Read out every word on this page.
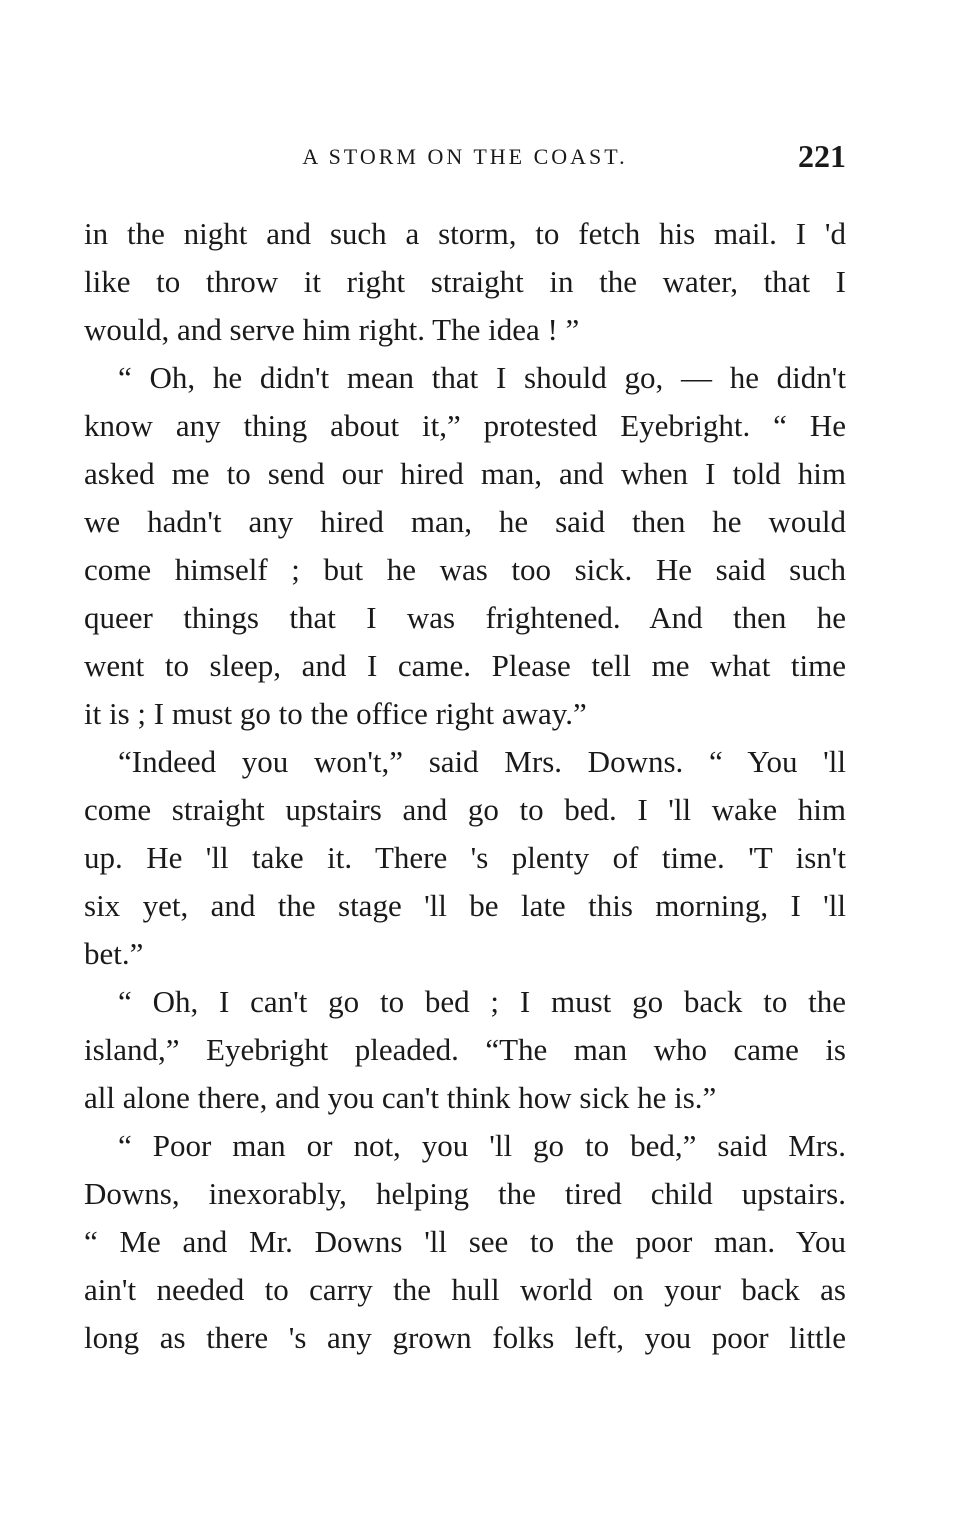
A STORM ON THE COAST.	221
in the night and such a storm, to fetch his mail. I 'd
like to throw it right straight in the water, that I
would, and serve him right. The idea ! ”
“ Oh, he didn't mean that I should go, — he didn't
know any thing about it,” protested Eyebright. “ He
asked me to send our hired man, and when I told him
we hadn't any hired man, he said then he would
come himself ; but he was too sick. He said such
queer things that I was frightened. And then he
went to sleep, and I came. Please tell me what time
it is ; I must go to the office right away.”
“Indeed you won't,” said Mrs. Downs. “ You 'll
come straight upstairs and go to bed. I 'll wake him
up. He 'll take it. There 's plenty of time. 'T isn't
six yet, and the stage 'll be late this morning, I 'll
bet.”
“ Oh, I can't go to bed ; I must go back to the
island,” Eyebright pleaded. “The man who came is
all alone there, and you can't think how sick he is.”
“ Poor man or not, you 'll go to bed,” said Mrs.
Downs, inexorably, helping the tired child upstairs.
“ Me and Mr. Downs 'll see to the poor man. You
ain't needed to carry the hull world on your back as
long as there 's any grown folks left, you poor little
